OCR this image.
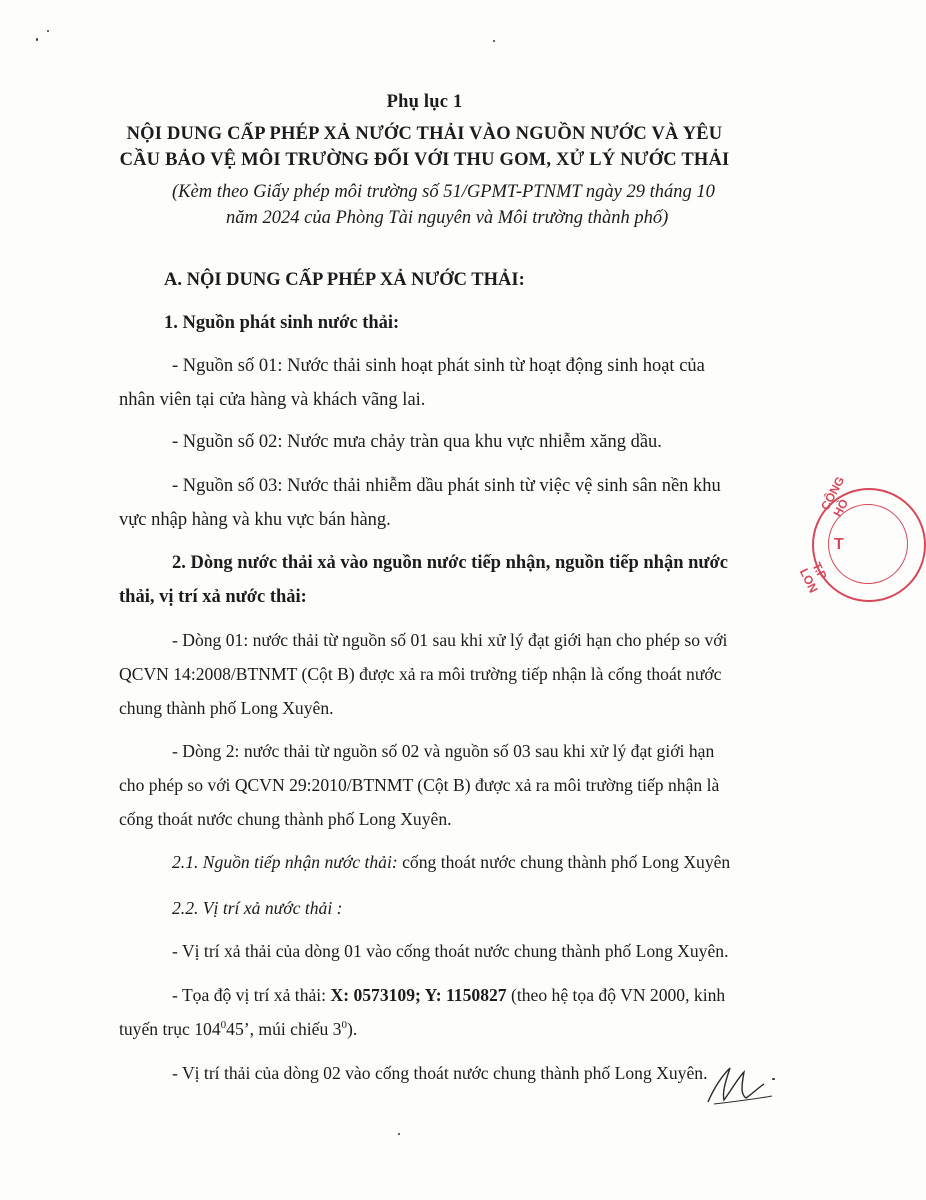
Phụ lục 1
NỘI DUNG CẤP PHÉP XẢ NƯỚC THẢI VÀO NGUỒN NƯỚC VÀ YÊU
CẦU BẢO VỆ MÔI TRƯỜNG ĐỐI VỚI THU GOM, XỬ LÝ NƯỚC THẢI
(Kèm theo Giấy phép môi trường số 51/GPMT-PTNMT ngày 29 tháng 10
năm 2024 của Phòng Tài nguyên và Môi trường thành phố)
A. NỘI DUNG CẤP PHÉP XẢ NƯỚC THẢI:
1. Nguồn phát sinh nước thải:
- Nguồn số 01: Nước thải sinh hoạt phát sinh từ hoạt động sinh hoạt của
nhân viên tại cửa hàng và khách vãng lai.
- Nguồn số 02: Nước mưa chảy tràn qua khu vực nhiễm xăng dầu.
- Nguồn số 03: Nước thải nhiễm dầu phát sinh từ việc vệ sinh sân nền khu
vực nhập hàng và khu vực bán hàng.
2. Dòng nước thải xả vào nguồn nước tiếp nhận, nguồn tiếp nhận nước
thải, vị trí xả nước thải:
- Dòng 01: nước thải từ nguồn số 01 sau khi xử lý đạt giới hạn cho phép so với
QCVN 14:2008/BTNMT (Cột B) được xả ra môi trường tiếp nhận là cống thoát nước
chung thành phố Long Xuyên.
- Dòng 2: nước thải từ nguồn số 02 và nguồn số 03 sau khi xử lý đạt giới hạn
cho phép so với QCVN 29:2010/BTNMT (Cột B) được xả ra môi trường tiếp nhận là
cống thoát nước chung thành phố Long Xuyên.
2.1. Nguồn tiếp nhận nước thải: cống thoát nước chung thành phố Long Xuyên
2.2. Vị trí xả nước thải :
- Vị trí xả thải của dòng 01 vào cống thoát nước chung thành phố Long Xuyên.
- Tọa độ vị trí xả thải: X: 0573109; Y: 1150827 (theo hệ tọa độ VN 2000, kinh
tuyến trục $104^045$’, múi chiếu $3^0$).
- Vị trí thải của dòng 02 vào cống thoát nước chung thành phố Long Xuyên.
CỘNG HÒ
T
T.P LON
